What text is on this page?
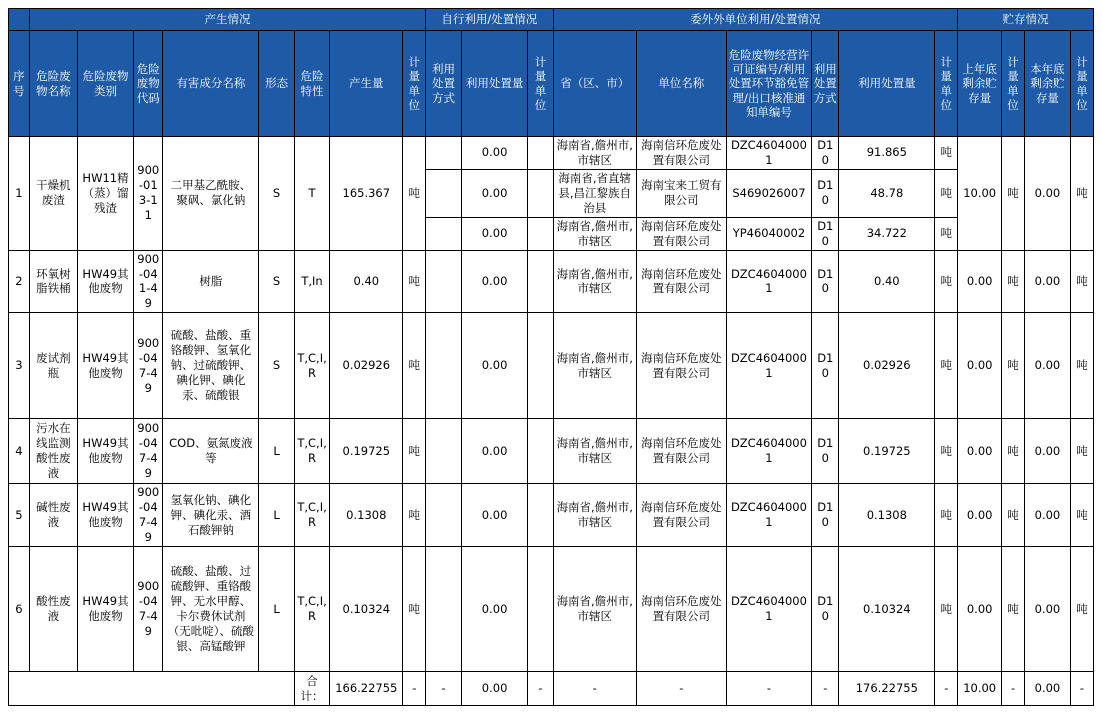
	产生情况								自行利用/处置情况			委外外单位利用/处置情况						贮存情况			
序号	危险废物名称	危险废物类别	危险废物代码	有害成分名称	形态	危险特性	产生量	计量单位	利用处置方式	利用处置量	计量单位	省（区、市）	单位名称	危险废物经营许可证编号/利用处置环节豁免管理/出口核准通知单编号	利用处置方式	利用处置量	计量单位	上年底剩余贮存量	计量单位	本年底剩余贮存量	计量单位
1	干燥机废渣	HW11精（蒸）馏残渣	900-013-11	二甲基乙酰胺、聚砜、氯化钠	S	T	165.367	吨		0.00		海南省,儋州市,市辖区	海南信环危废处置有限公司	DZC46040001	D10	91.865	吨	10.00	吨	0.00	吨
										0.00		海南省,省直辖县,昌江黎族自治县	海南宝来工贸有限公司	S469026007	D10	48.78	吨				
										0.00		海南省,儋州市,市辖区	海南信环危废处置有限公司	YP46040002	D10	34.722	吨				
2	环氧树脂铁桶	HW49其他废物	900-041-49	树脂	S	T,In	0.40	吨		0.00		海南省,儋州市,市辖区	海南信环危废处置有限公司	DZC46040001	D10	0.40	吨	0.00	吨	0.00	吨
3	废试剂瓶	HW49其他废物	900-047-49	硫酸、盐酸、重铬酸钾、氢氧化钠、过硫酸钾、碘化钾、碘化汞、硫酸银	S	T,C,I,R	0.02926	吨		0.00		海南省,儋州市,市辖区	海南信环危废处置有限公司	DZC46040001	D10	0.02926	吨	0.00	吨	0.00	吨
4	污水在线监测酸性废液	HW49其他废物	900-047-49	COD、氨氮废液等	L	T,C,I,R	0.19725	吨		0.00		海南省,儋州市,市辖区	海南信环危废处置有限公司	DZC46040001	D10	0.19725	吨	0.00	吨	0.00	吨
5	碱性废液	HW49其他废物	900-047-49	氢氧化钠、碘化钾、碘化汞、酒石酸钾钠	L	T,C,I,R	0.1308	吨		0.00		海南省,儋州市,市辖区	海南信环危废处置有限公司	DZC46040001	D10	0.1308	吨	0.00	吨	0.00	吨
6	酸性废液	HW49其他废物	900-047-49	硫酸、盐酸、过硫酸钾、重铬酸钾、无水甲醇、卡尔费休试剂（无吡啶）、硫酸银、高锰酸钾	L	T,C,I,R	0.10324	吨		0.00		海南省,儋州市,市辖区	海南信环危废处置有限公司	DZC46040001	D10	0.10324	吨	0.00	吨	0.00	吨
						合计：	166.22755	-	-	0.00	-	-	-	-	-	176.22755	-	10.00	-	0.00	-
